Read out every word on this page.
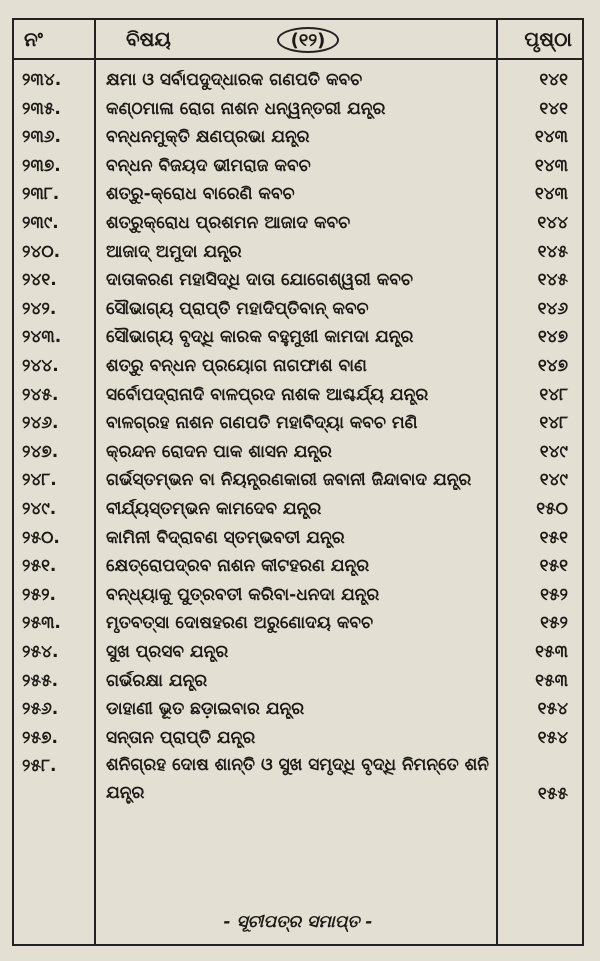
ନଂ	ବିଷୟ	(୧୨)	ପୃଷ୍ଠା
୨୩୪.	କ୍ଷମା ଓ ସର୍ବାପଦୁଦ୍ଧାରକ ଗଣପତି କବଚ	୧୪୧
୨୩୫.	କଣ୍ଠମାଳା ରୋଗ ନାଶନ ଧନ୍ୱନ୍ତରୀ ଯନ୍ତ୍ର	୧୪୧
୨୩୬.	ବନ୍ଧନମୁକ୍ତି କ୍ଷଣପ୍ରଭା ଯନ୍ତ୍ର	୧୪୩
୨୩୭.	ବନ୍ଧନ ବିଜୟଦ ଭୀମରାଜ କବଚ	୧୪୩
୨୩୮.	ଶତ୍ରୁ-କ୍ରୋଧ ବାରେଣି କବଚ	୧୪୩
୨୩୯.	ଶତ୍ରୁକ୍ରୋଧ ପ୍ରଶମନ ଆଜାଦ କବଚ	୧୪୪
୨୪୦.	ଆଜାଦ୍ ଅମୁଦା ଯନ୍ତ୍ର	୧୪୫
୨୪୧.	ଦାତାକରଣ ମହାସିଦ୍ଧି ଦାତା ଯୋଗେଶ୍ୱରୀ କବଚ	୧୪୫
୨୪୨.	ସୌଭାଗ୍ୟ ପ୍ରାପ୍ତି ମହାଦିପ୍ତିବାନ୍ କବଚ	୧୪୬
୨୪୩.	ସୌଭାଗ୍ୟ ବୃଦ୍ଧି କାରକ ବହୁମୁଖୀ କାମଦା ଯନ୍ତ୍ର	୧୪୭
୨୪୪.	ଶତ୍ରୁ ବନ୍ଧନ ପ୍ରୟୋଗ ନାଗଫାଶ ବାଣ	୧୪୭
୨୪୫.	ସର୍ବୋପଦ୍ରାନାଦି ବାଳପ୍ରଦ ନାଶକ ଆଶ୍ଚର୍ଯ୍ୟ ଯନ୍ତ୍ର	୧୪୮
୨୪୬.	ବାଳଗ୍ରହ ନାଶନ ଗଣପତି ମହାବିଦ୍ୟା କବଚ ମଣି	୧୪୮
୨୪୭.	କ୍ରନ୍ଦନ ରୋଦନ ପାକ ଶାସନ ଯନ୍ତ୍ର	୧୪୯
୨୪୮.	ଗର୍ଭସ୍ତମ୍ଭନ ବା ନିୟନ୍ତ୍ରଣକାରୀ ଜବାନୀ ଜିନ୍ଦାବାଦ ଯନ୍ତ୍ର	୧୪୯
୨୪୯.	ବୀର୍ଯ୍ୟସ୍ତମ୍ଭନ କାମଦେବ ଯନ୍ତ୍ର	୧୫୦
୨୫୦.	କାମିନୀ ବିଦ୍ରାବଣ ସ୍ତମ୍ଭବତୀ ଯନ୍ତ୍ର	୧୫୧
୨୫୧.	କ୍ଷେତ୍ରୋପଦ୍ରବ ନାଶନ କୀଟହରଣ ଯନ୍ତ୍ର	୧୫୧
୨୫୨.	ବନ୍ଧ୍ୟାକୁ ପୁତ୍ରବତୀ କରିବା-ଧନଦା ଯନ୍ତ୍ର	୧୫୨
୨୫୩.	ମୃତବତ୍ସା ଦୋଷହରଣ ଅରୁଣୋଦୟ କବଚ	୧୫୨
୨୫୪.	ସୁଖ ପ୍ରସବ ଯନ୍ତ୍ର	୧୫୩
୨୫୫.	ଗର୍ଭରକ୍ଷା ଯନ୍ତ୍ର	୧୫୩
୨୫୬.	ଡାହାଣୀ ଭୂତ ଛଡ଼ାଇବାର ଯନ୍ତ୍ର	୧୫୪
୨୫୭.	ସନ୍ତାନ ପ୍ରାପ୍ତି ଯନ୍ତ୍ର	୧୫୪
୨୫୮.	ଶନିଗ୍ରହ ଦୋଷ ଶାନ୍ତି ଓ ସୁଖ ସମୃଦ୍ଧି ବୃଦ୍ଧି ନିମନ୍ତେ ଶନି ଯନ୍ତ୍ର	୧୫୫
- ସୂଚୀପତ୍ର ସମାପ୍ତ -
